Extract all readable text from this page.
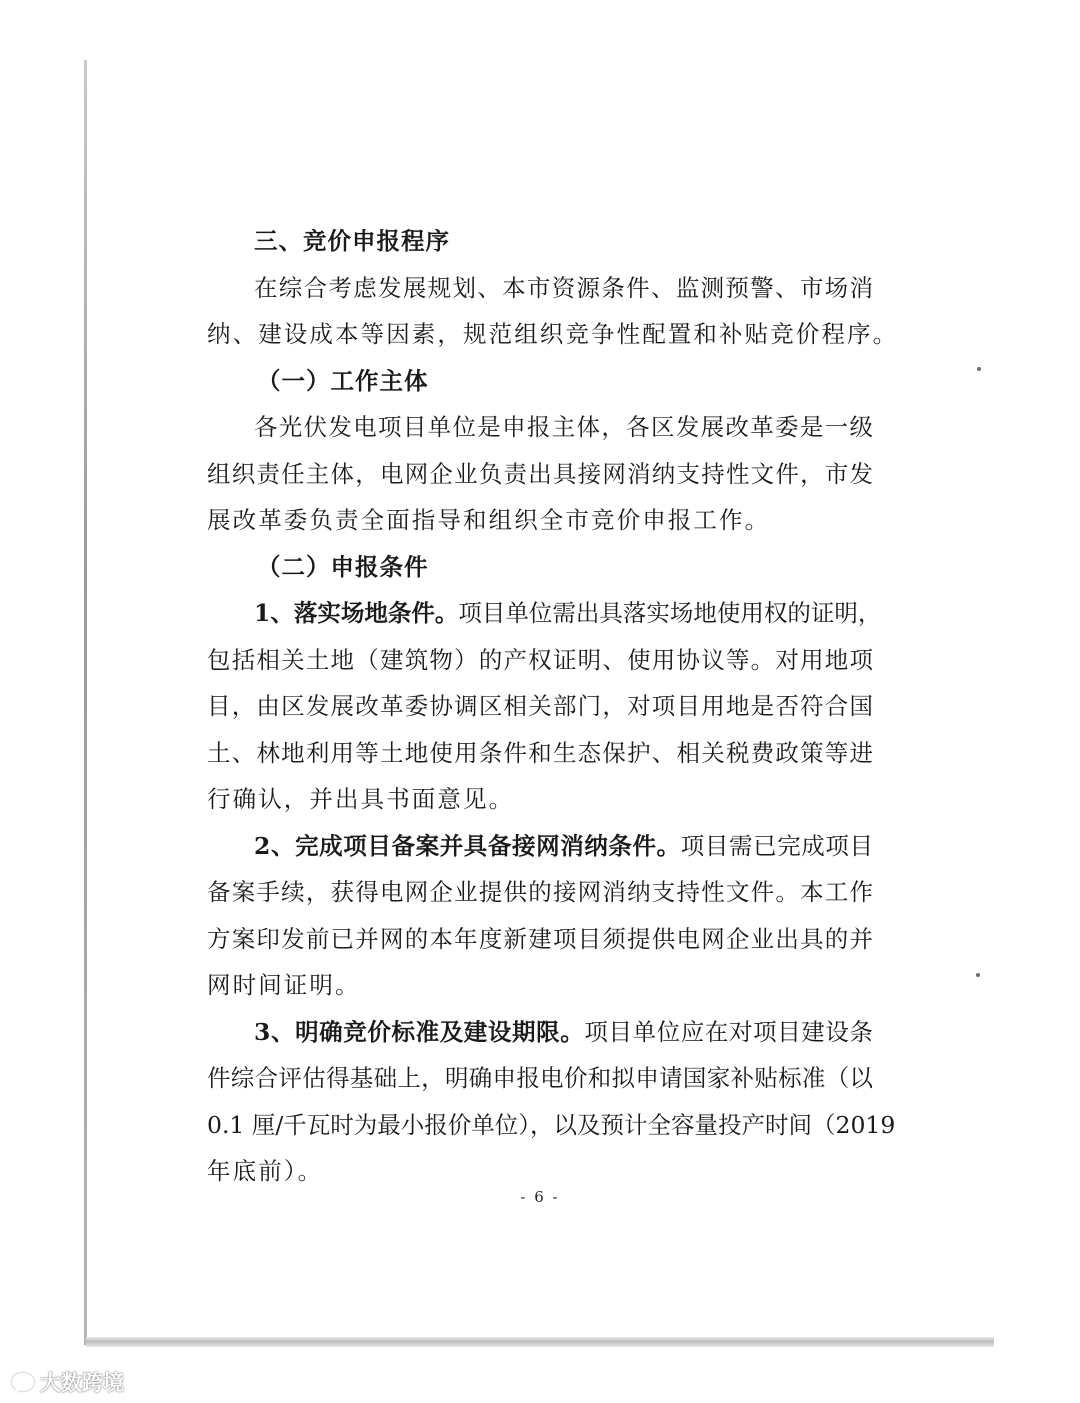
三、竞价申报程序
在综合考虑发展规划、本市资源条件、监测预警、市场消
纳、建设成本等因素，规范组织竞争性配置和补贴竞价程序。
（一）工作主体
各光伏发电项目单位是申报主体，各区发展改革委是一级
组织责任主体，电网企业负责出具接网消纳支持性文件，市发
展改革委负责全面指导和组织全市竞价申报工作。
（二）申报条件
1、落实场地条件。项目单位需出具落实场地使用权的证明，
包括相关土地（建筑物）的产权证明、使用协议等。对用地项
目，由区发展改革委协调区相关部门，对项目用地是否符合国
土、林地利用等土地使用条件和生态保护、相关税费政策等进
行确认，并出具书面意见。
2、完成项目备案并具备接网消纳条件。项目需已完成项目
备案手续，获得电网企业提供的接网消纳支持性文件。本工作
方案印发前已并网的本年度新建项目须提供电网企业出具的并
网时间证明。
3、明确竞价标准及建设期限。项目单位应在对项目建设条
件综合评估得基础上，明确申报电价和拟申请国家补贴标准（以
0.1 厘/千瓦时为最小报价单位），以及预计全容量投产时间（2019
年底前）。
- 6 -
大数跨境
